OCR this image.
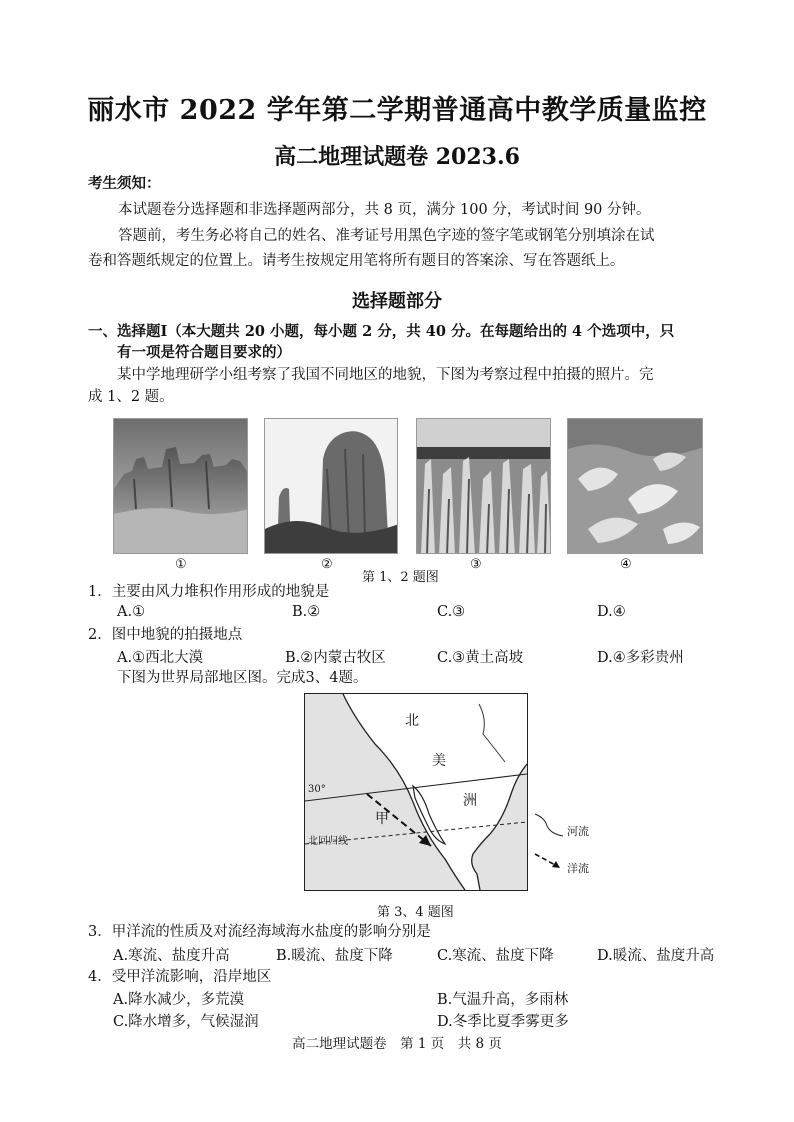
丽水市 2022 学年第二学期普通高中教学质量监控
高二地理试题卷 2023.6
考生须知：
本试题卷分选择题和非选择题两部分，共 8 页，满分 100 分，考试时间 90 分钟。
答题前，考生务必将自己的姓名、准考证号用黑色字迹的签字笔或钢笔分别填涂在试
卷和答题纸规定的位置上。请考生按规定用笔将所有题目的答案涂、写在答题纸上。
选择题部分
一、选择题Ⅰ（本大题共 20 小题，每小题 2 分，共 40 分。在每题给出的 4 个选项中，只
有一项是符合题目要求的）
某中学地理研学小组考察了我国不同地区的地貌，下图为考察过程中拍摄的照片。完
成 1、2 题。
①	②	③	④
第 1、2 题图
1．主要由风力堆积作用形成的地貌是
A.①	B.②	C.③	D.④
2．图中地貌的拍摄地点
A.①西北大漠	B.②内蒙古牧区	C.③黄土高坡	D.④多彩贵州
下图为世界局部地区图。完成3、4题。
北
美
洲
甲
30°
北回归线
河流
洋流
第 3、4 题图
3．甲洋流的性质及对流经海域海水盐度的影响分别是
A.寒流、盐度升高	B.暖流、盐度下降	C.寒流、盐度下降	D.暖流、盐度升高
4．受甲洋流影响，沿岸地区
A.降水减少，多荒漠	B.气温升高，多雨林
C.降水增多，气候湿润	D.冬季比夏季雾更多
高二地理试题卷　第 1 页　共 8 页
